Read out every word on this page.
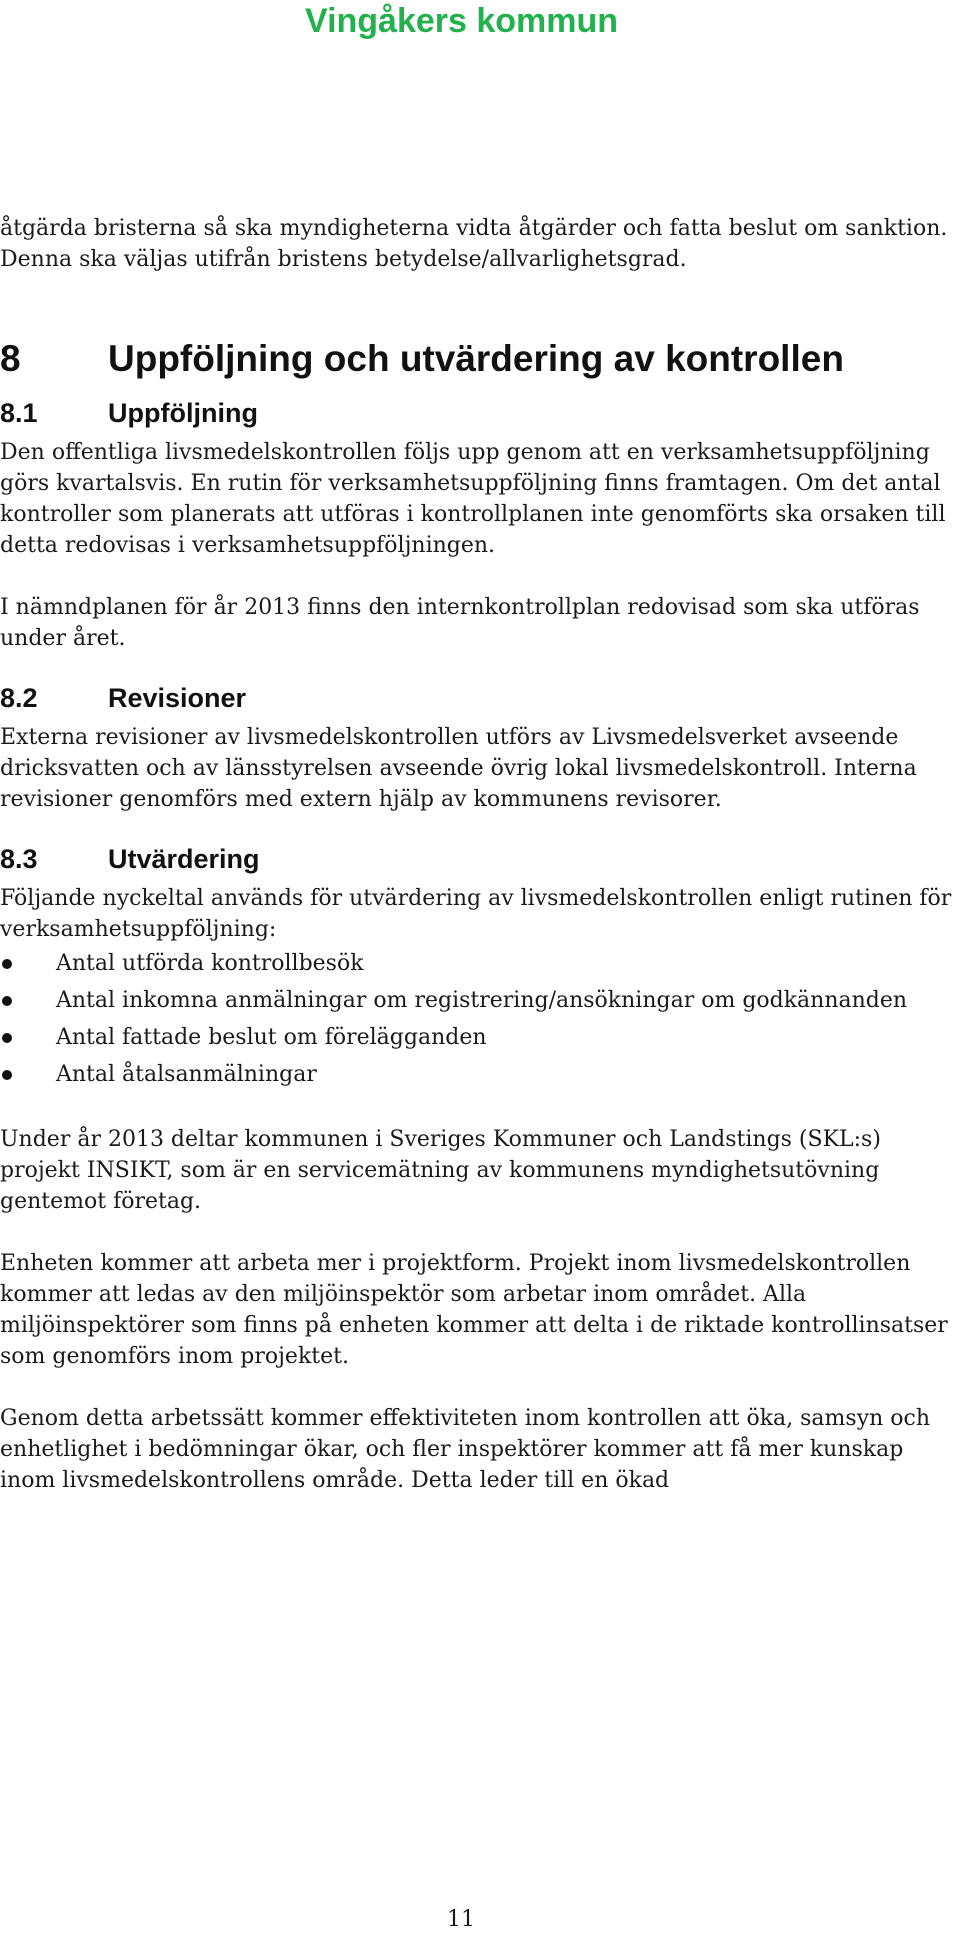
Vingåkers kommun

åtgärda bristerna så ska myndigheterna vidta åtgärder och fatta beslut om sanktion. Denna ska väljas utifrån bristens betydelse/allvarlighetsgrad.

8	Uppföljning och utvärdering av kontrollen
8.1	Uppföljning

Den offentliga livsmedelskontrollen följs upp genom att en verksamhetsuppföljning görs kvartalsvis. En rutin för verksamhetsuppföljning finns framtagen. Om det antal kontroller som planerats att utföras i kontrollplanen inte genomförts ska orsaken till detta redovisas i verksamhetsuppföljningen.

I nämndplanen för år 2013 finns den internkontrollplan redovisad som ska utföras under året.

8.2	Revisioner

Externa revisioner av livsmedelskontrollen utförs av Livsmedelsverket avseende dricksvatten och av länsstyrelsen avseende övrig lokal livsmedelskontroll. Interna revisioner genomförs med extern hjälp av kommunens revisorer.

8.3	Utvärdering

Följande nyckeltal används för utvärdering av livsmedelskontrollen enligt rutinen för verksamhetsuppföljning:

Antal utförda kontrollbesök
Antal inkomna anmälningar om registrering/ansökningar om godkännanden
Antal fattade beslut om förelägganden
Antal åtalsanmälningar

Under år 2013 deltar kommunen i Sveriges Kommuner och Landstings (SKL:s) projekt INSIKT, som är en servicemätning av kommunens myndighetsutövning gentemot företag.

Enheten kommer att arbeta mer i projektform. Projekt inom livsmedelskontrollen kommer att ledas av den miljöinspektör som arbetar inom området. Alla miljöinspektörer som finns på enheten kommer att delta i de riktade kontrollinsatser som genomförs inom projektet.

Genom detta arbetssätt kommer effektiviteten inom kontrollen att öka, samsyn och enhetlighet i bedömningar ökar, och fler inspektörer kommer att få mer kunskap inom livsmedelskontrollens område. Detta leder till en ökad

11
